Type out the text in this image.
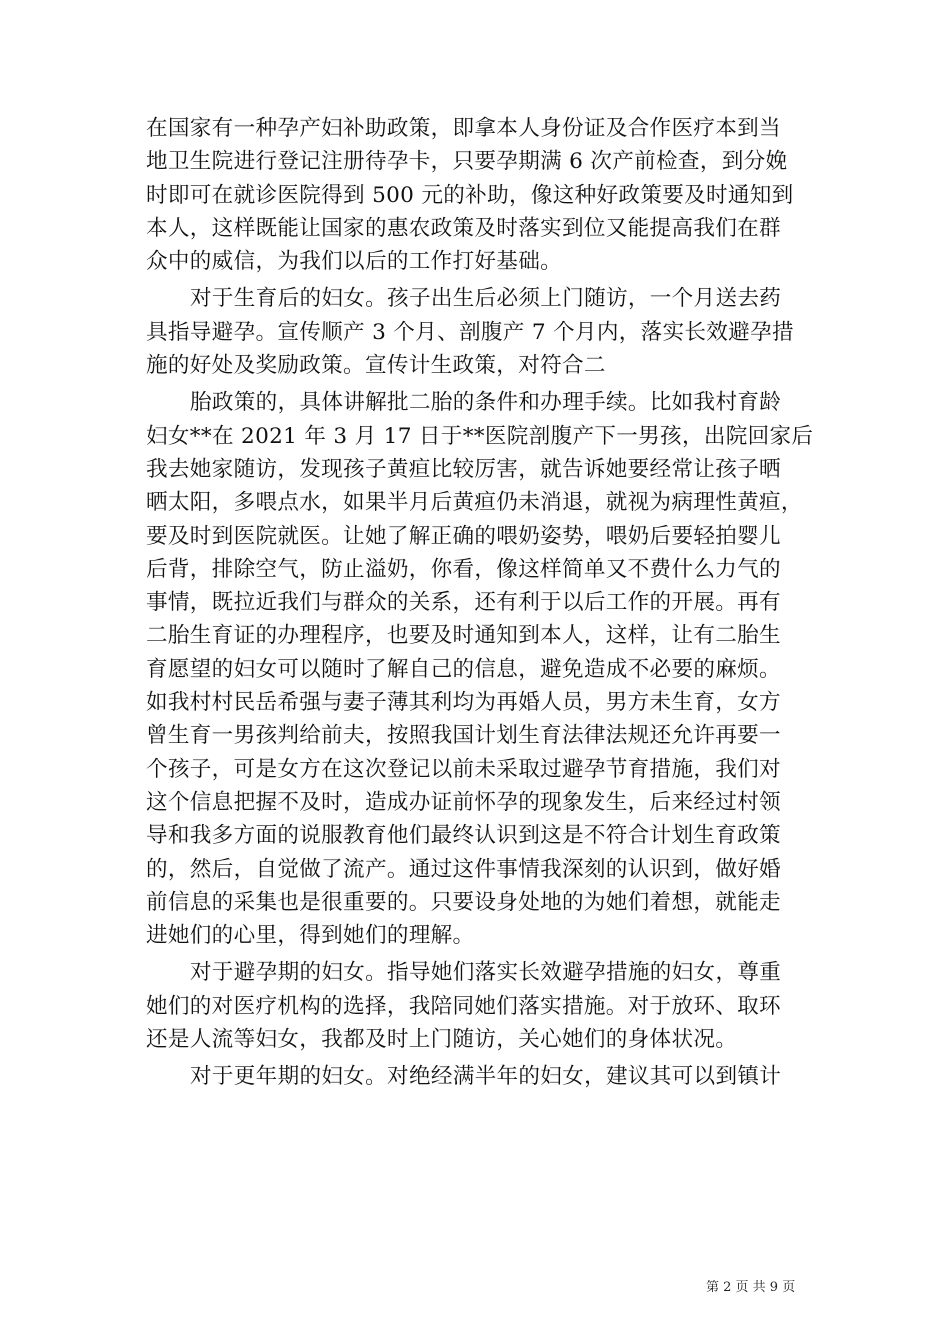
在国家有一种孕产妇补助政策，即拿本人身份证及合作医疗本到当
地卫生院进行登记注册待孕卡，只要孕期满 6 次产前检查，到分娩
时即可在就诊医院得到 500 元的补助，像这种好政策要及时通知到
本人，这样既能让国家的惠农政策及时落实到位又能提高我们在群
众中的威信，为我们以后的工作打好基础。
对于生育后的妇女。孩子出生后必须上门随访，一个月送去药
具指导避孕。宣传顺产 3 个月、剖腹产 7 个月内，落实长效避孕措
施的好处及奖励政策。宣传计生政策，对符合二
胎政策的，具体讲解批二胎的条件和办理手续。比如我村育龄
妇女**在 2021 年 3 月 17 日于**医院剖腹产下一男孩，出院回家后
我去她家随访，发现孩子黄疸比较厉害，就告诉她要经常让孩子晒
晒太阳，多喂点水，如果半月后黄疸仍未消退，就视为病理性黄疸，
要及时到医院就医。让她了解正确的喂奶姿势，喂奶后要轻拍婴儿
后背，排除空气，防止溢奶，你看，像这样简单又不费什么力气的
事情，既拉近我们与群众的关系，还有利于以后工作的开展。再有
二胎生育证的办理程序，也要及时通知到本人，这样，让有二胎生
育愿望的妇女可以随时了解自己的信息，避免造成不必要的麻烦。
如我村村民岳希强与妻子薄其利均为再婚人员，男方未生育，女方
曾生育一男孩判给前夫，按照我国计划生育法律法规还允许再要一
个孩子，可是女方在这次登记以前未采取过避孕节育措施，我们对
这个信息把握不及时，造成办证前怀孕的现象发生，后来经过村领
导和我多方面的说服教育他们最终认识到这是不符合计划生育政策
的，然后，自觉做了流产。通过这件事情我深刻的认识到，做好婚
前信息的采集也是很重要的。只要设身处地的为她们着想，就能走
进她们的心里，得到她们的理解。
对于避孕期的妇女。指导她们落实长效避孕措施的妇女，尊重
她们的对医疗机构的选择，我陪同她们落实措施。对于放环、取环
还是人流等妇女，我都及时上门随访，关心她们的身体状况。
对于更年期的妇女。对绝经满半年的妇女，建议其可以到镇计
第 2 页 共 9 页
